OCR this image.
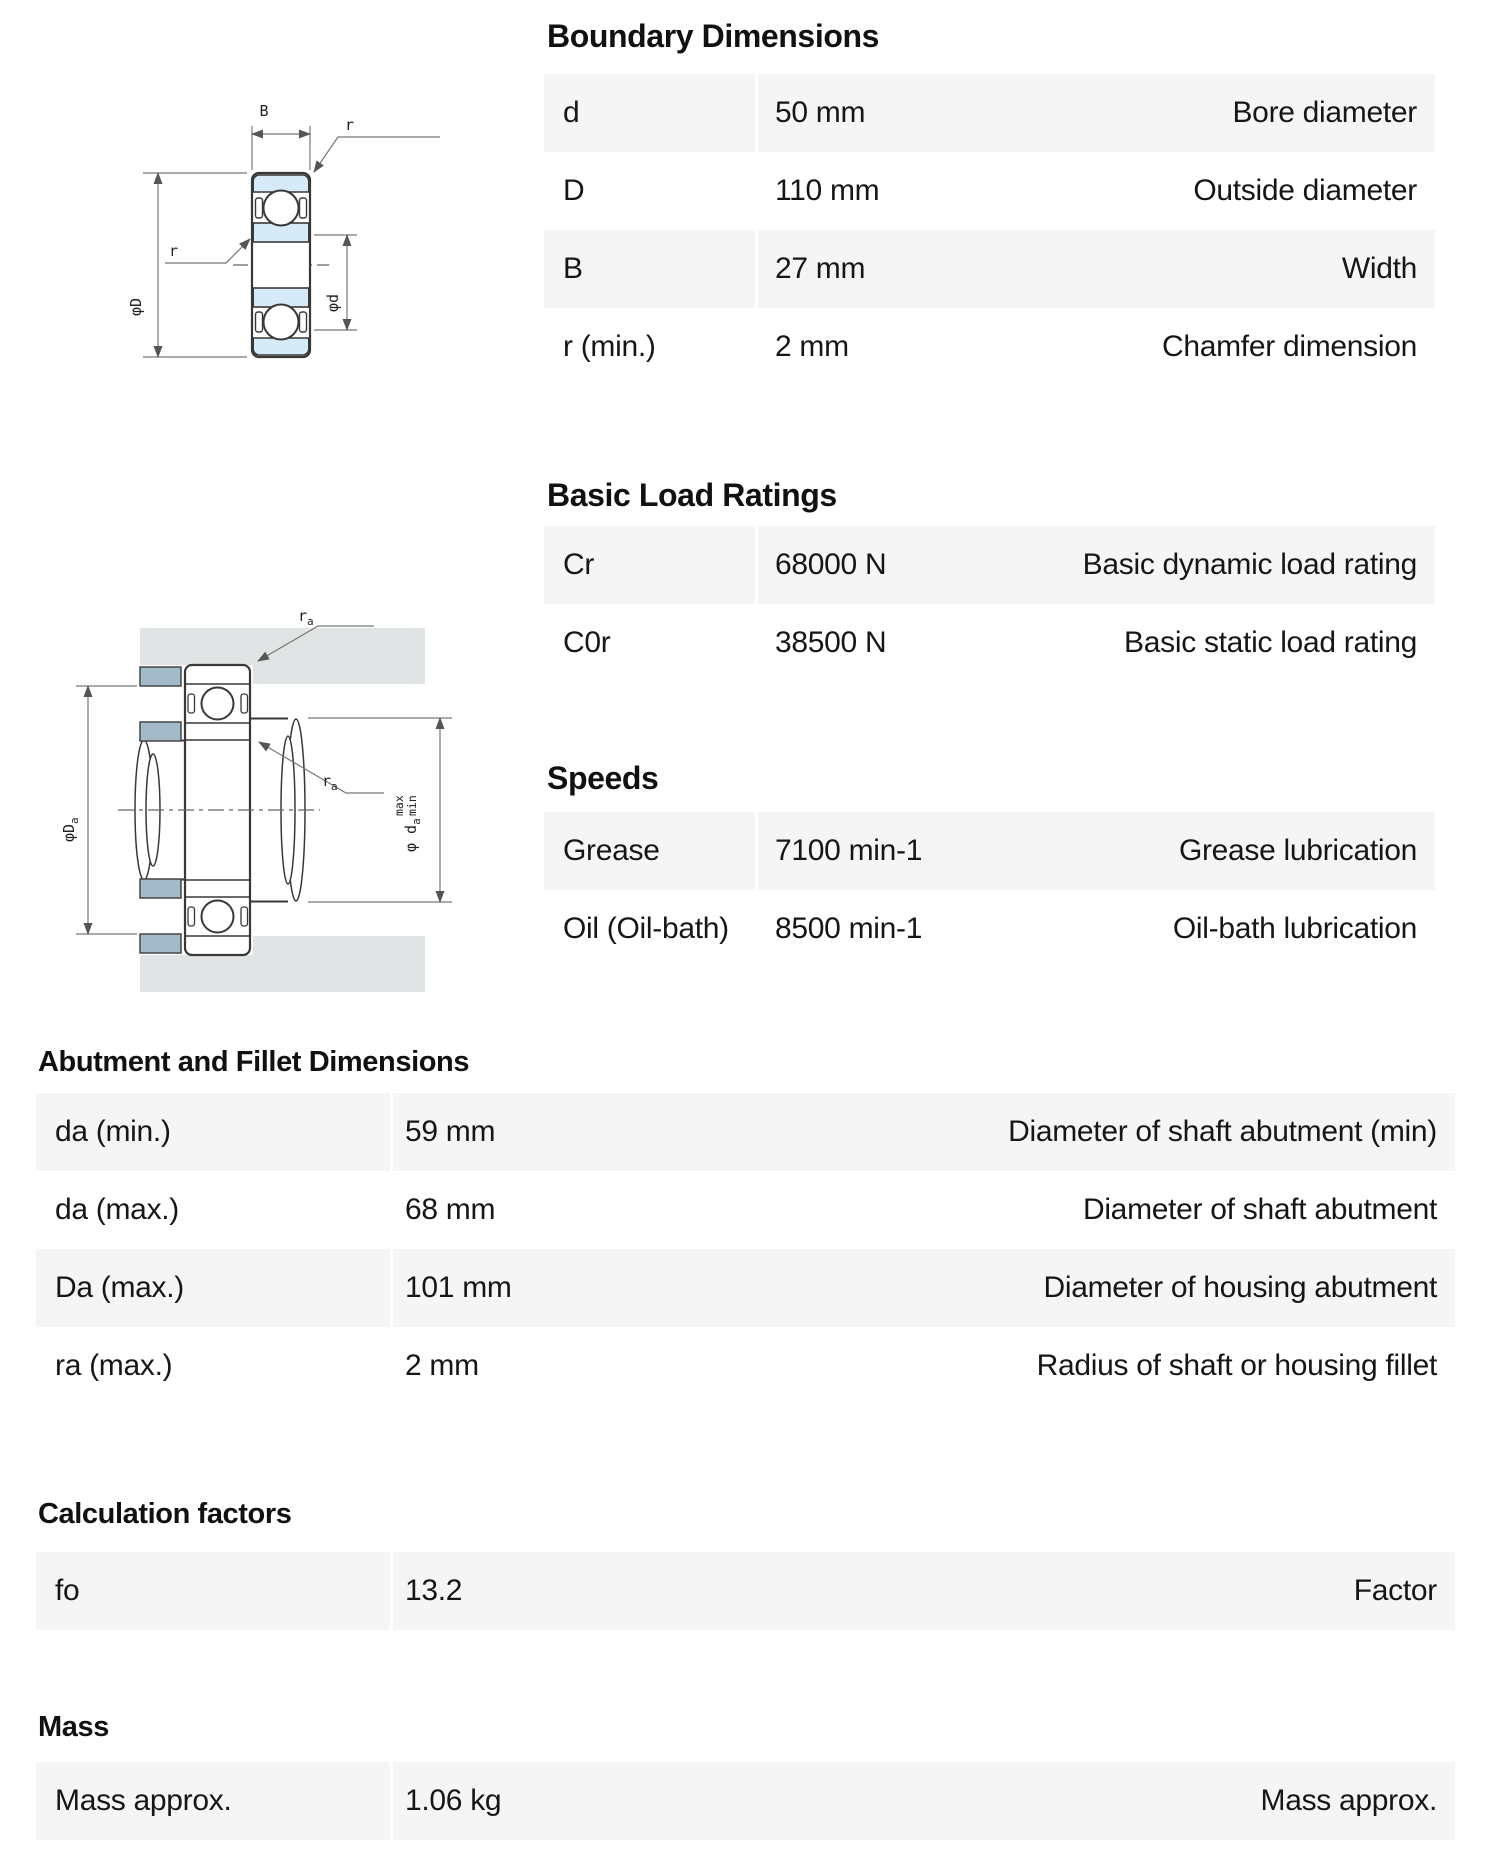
B
r
r
φD	φd
$r_a$
$r_a$
$\varphi D_a$
φ $d_a$
max min
Boundary Dimensions
Basic Load Ratings
Speeds
Abutment and Fillet Dimensions
Calculation factors
Mass
d	50 mm	Bore diameter
D	110 mm	Outside diameter
B	27 mm	Width
r (min.)	2 mm	Chamfer dimension
Cr	68000 N	Basic dynamic load rating
C0r	38500 N	Basic static load rating
Grease	7100 min-1	Grease lubrication
Oil (Oil-bath) 8500 min-1	Oil-bath lubrication
da (min.)	59 mm	Diameter of shaft abutment (min)
da (max.)	68 mm	Diameter of shaft abutment
Da (max.)	101 mm	Diameter of housing abutment
ra (max.)	2 mm	Radius of shaft or housing fillet
fo	13.2	Factor
Mass approx.	1.06 kg	Mass approx.
